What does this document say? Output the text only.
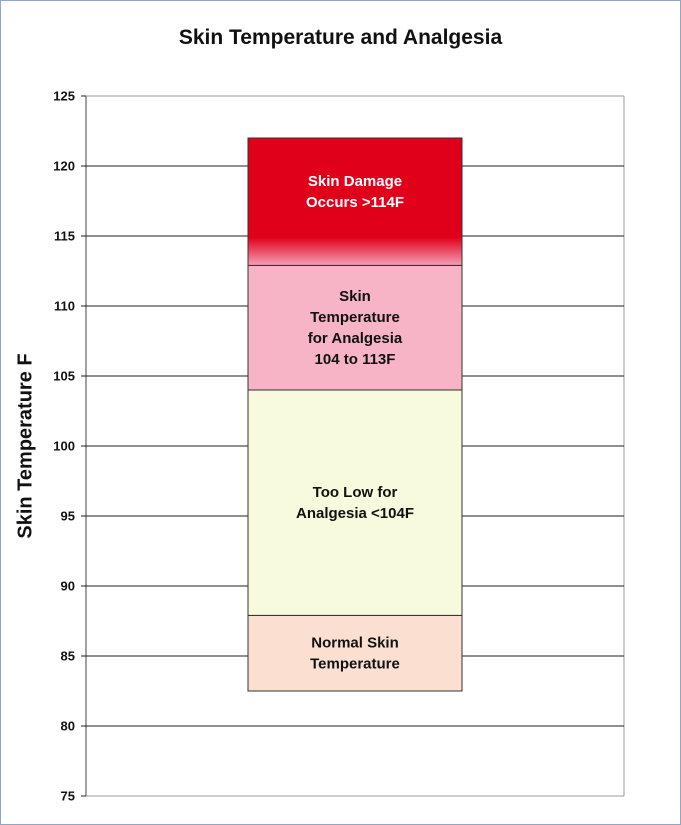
Skin Temperature and Analgesia
Skin Temperature F
75
80
85
90
95
100
105
110
115
120
125
Normal Skin
Temperature
Too Low for
Analgesia <104F
Skin
Temperature
for Analgesia
104 to 113F
Skin Damage
Occurs >114F
